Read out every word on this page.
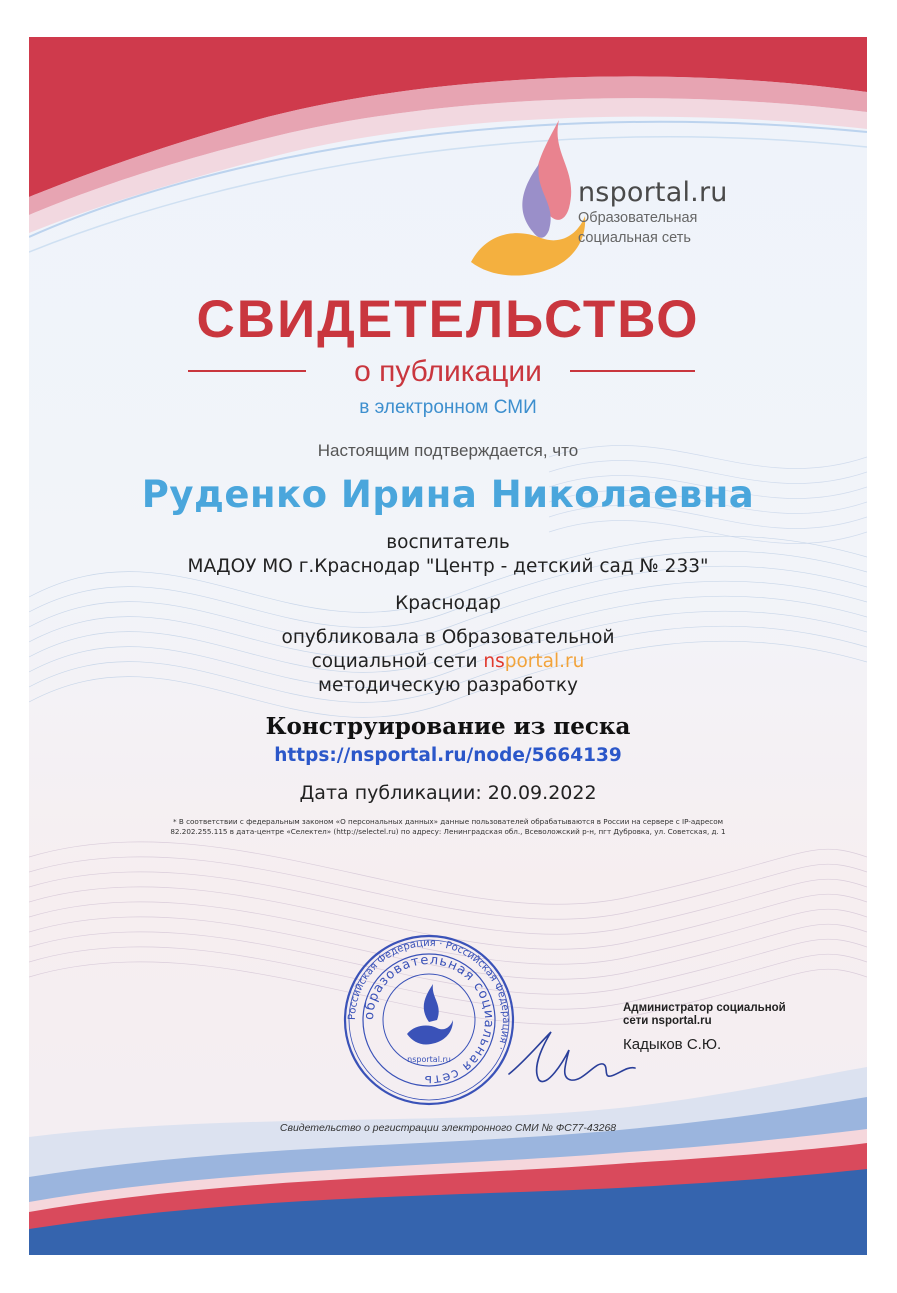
nsportal.ru
Образовательная
социальная сеть
СВИДЕТЕЛЬСТВО
о публикации
в электронном СМИ
Настоящим подтверждается, что
Руденко Ирина Николаевна
воспитатель
МАДОУ МО г.Краснодар "Центр - детский сад № 233"
Краснодар
опубликовала в Образовательной
социальной сети nsportal.ru
методическую разработку
Конструирование из песка
https://nsportal.ru/node/5664139
Дата публикации: 20.09.2022
* В соответствии с федеральным законом «О персональных данных» данные пользователей обрабатываются в России на сервере с IP-адресом
82.202.255.115 в дата-центре «Селектел» (http://selectel.ru) по адресу: Ленинградская обл., Всеволожский р-н, пгт Дубровка, ул. Советская, д. 1
Российская Федерация · Российская Федерация ·
образовательная социальная сеть
nsportal.ru
Администратор социальной
сети nsportal.ru
Кадыков С.Ю.
Свидетельство о регистрации электронного СМИ № ФС77-43268
